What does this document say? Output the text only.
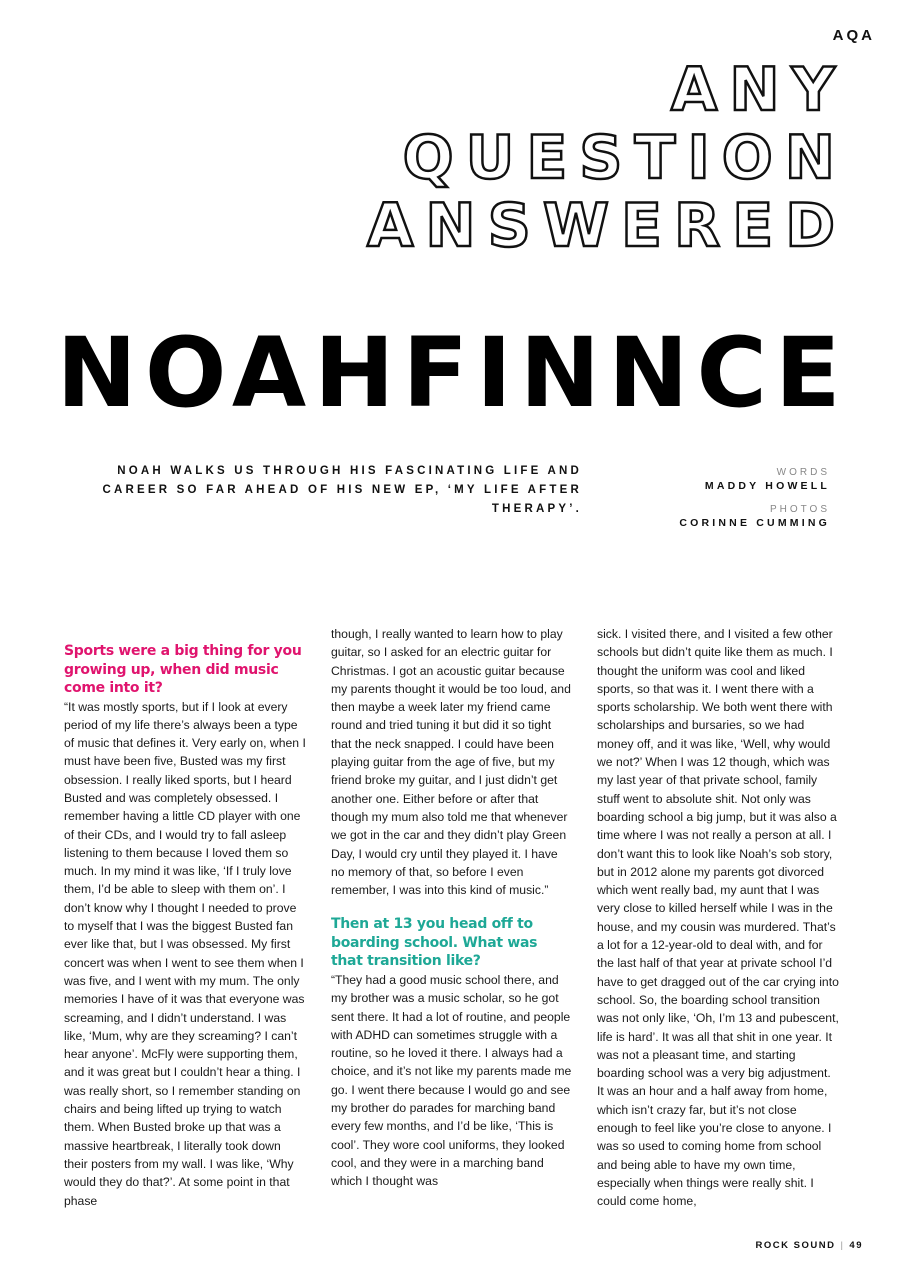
AQA
ANY
QUESTION
ANSWERED
NOAHFINNCE

NOAH WALKS US THROUGH HIS FASCINATING LIFE AND CAREER SO FAR AHEAD OF HIS NEW EP, ‘MY LIFE AFTER THERAPY’.

WORDS
MADDY HOWELL
PHOTOS
CORINNE CUMMING
Sports were a big thing for you growing up, when did music come into it?

“It was mostly sports, but if I look at every period of my life there’s always been a type of music that defines it. Very early on, when I must have been five, Busted was my first obsession. I really liked sports, but I heard Busted and was completely obsessed. I remember having a little CD player with one of their CDs, and I would try to fall asleep listening to them because I loved them so much. In my mind it was like, ‘If I truly love them, I’d be able to sleep with them on’. I don’t know why I thought I needed to prove to myself that I was the biggest Busted fan ever like that, but I was obsessed. My first concert was when I went to see them when I was five, and I went with my mum. The only memories I have of it was that everyone was screaming, and I didn’t understand. I was like, ‘Mum, why are they screaming? I can’t hear anyone’. McFly were supporting them, and it was great but I couldn’t hear a thing. I was really short, so I remember standing on chairs and being lifted up trying to watch them. When Busted broke up that was a massive heartbreak, I literally took down their posters from my wall. I was like, ‘Why would they do that?’. At some point in that phase

though, I really wanted to learn how to play guitar, so I asked for an electric guitar for Christmas. I got an acoustic guitar because my parents thought it would be too loud, and then maybe a week later my friend came round and tried tuning it but did it so tight that the neck snapped. I could have been playing guitar from the age of five, but my friend broke my guitar, and I just didn’t get another one. Either before or after that though my mum also told me that whenever we got in the car and they didn’t play Green Day, I would cry until they played it. I have no memory of that, so before I even remember, I was into this kind of music.”

Then at 13 you head off to boarding school. What was that transition like?

“They had a good music school there, and my brother was a music scholar, so he got sent there. It had a lot of routine, and people with ADHD can sometimes struggle with a routine, so he loved it there. I always had a choice, and it’s not like my parents made me go. I went there because I would go and see my brother do parades for marching band every few months, and I’d be like, ‘This is cool’. They wore cool uniforms, they looked cool, and they were in a marching band which I thought was

sick. I visited there, and I visited a few other schools but didn’t quite like them as much. I thought the uniform was cool and liked sports, so that was it. I went there with a sports scholarship. We both went there with scholarships and bursaries, so we had money off, and it was like, ‘Well, why would we not?’ When I was 12 though, which was my last year of that private school, family stuff went to absolute shit. Not only was boarding school a big jump, but it was also a time where I was not really a person at all. I don’t want this to look like Noah’s sob story, but in 2012 alone my parents got divorced which went really bad, my aunt that I was very close to killed herself while I was in the house, and my cousin was murdered. That’s a lot for a 12-year-old to deal with, and for the last half of that year at private school I’d have to get dragged out of the car crying into school. So, the boarding school transition was not only like, ‘Oh, I’m 13 and pubescent, life is hard’. It was all that shit in one year. It was not a pleasant time, and starting boarding school was a very big adjustment. It was an hour and a half away from home, which isn’t crazy far, but it’s not close enough to feel like you’re close to anyone. I was so used to coming home from school and being able to have my own time, especially when things were really shit. I could come home,

ROCK SOUND | 49
